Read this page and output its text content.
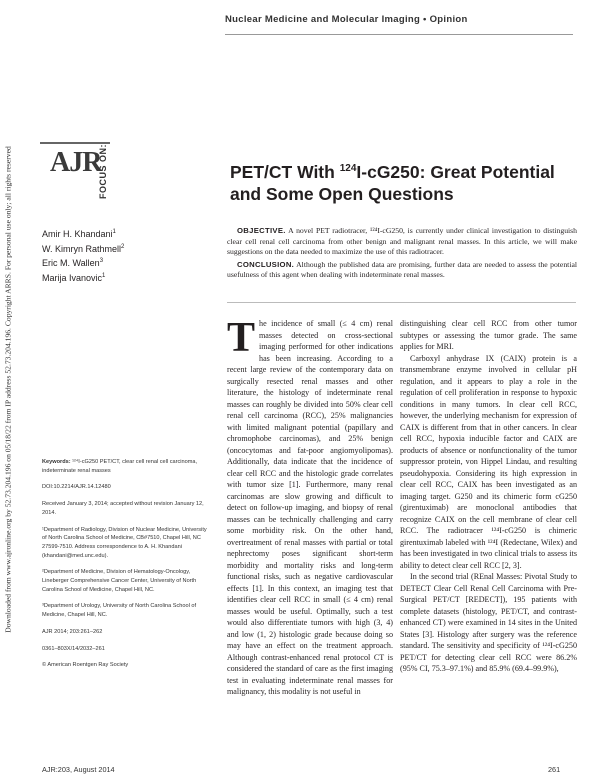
Downloaded from www.ajronline.org by 52.73.204.196 on 05/18/22 from IP address 52.73.204.196. Copyright ARRS. For personal use only; all rights reserved
Nuclear Medicine and Molecular Imaging • Opinion
AJR
FOCUS ON:	PET/CT With $^{124}$I-cG250: Great Potential and Some Open Questions
Amir H. Khandani$^1$
W. Kimryn Rathmell$^2$
Eric M. Wallen$^3$
Marija Ivanovic$^1$

OBJECTIVE. A novel PET radiotracer, ¹²⁴I-cG250, is currently under clinical investigation to distinguish clear cell renal cell carcinoma from other benign and malignant renal masses. In this article, we will make suggestions on the data needed to maximize the use of this radiotracer.

CONCLUSION. Although the published data are promising, further data are needed to assess the potential usefulness of this agent when dealing with indeterminate renal masses.

Keywords: ¹²⁴I-cG250 PET/CT, clear cell renal cell carcinoma, indeterminate renal masses

DOI:10.2214/AJR.14.12480

Received January 3, 2014; accepted without revision January 12, 2014.

¹Department of Radiology, Division of Nuclear Medicine, University of North Carolina School of Medicine, CB#7510, Chapel Hill, NC 27599-7510. Address correspondence to A. H. Khandani (khandani@med.unc.edu).

²Department of Medicine, Division of Hematology-Oncology, Lineberger Comprehensive Cancer Center, University of North Carolina School of Medicine, Chapel Hill, NC.

³Department of Urology, University of North Carolina School of Medicine, Chapel Hill, NC.

AJR 2014; 203:261–262

0361–803X/14/2032–261

© American Roentgen Ray Society

The incidence of small (≤ 4 cm) renal masses detected on cross-sectional imaging performed for other indications has been increasing. According to a recent large review of the contemporary data on surgically resected renal masses and other literature, the histology of indeterminate renal masses can roughly be divided into 50% clear cell renal cell carcinoma (RCC), 25% malignancies with limited malignant potential (papillary and chromophobe carcinomas), and 25% benign (oncocytomas and fat-poor angiomyolipomas). Additionally, data indicate that the incidence of clear cell RCC and the histologic grade correlates with tumor size [1]. Furthermore, many renal carcinomas are slow growing and difficult to detect on follow-up imaging, and biopsy of renal masses can be technically challenging and carry some morbidity risk. On the other hand, overtreatment of renal masses with partial or total nephrectomy poses significant short-term morbidity and mortality risks and long-term functional risks, such as negative cardiovascular effects [1]. In this context, an imaging test that identifies clear cell RCC in small (≤ 4 cm) renal masses would be useful. Optimally, such a test would also differentiate tumors with high (3, 4) and low (1, 2) histologic grade because doing so may have an effect on the treatment approach. Although contrast-enhanced renal protocol CT is considered the standard of care as the first imaging test in evaluating indeterminate renal masses for malignancy, this modality is not useful in

distinguishing clear cell RCC from other tumor subtypes or assessing the tumor grade. The same applies for MRI.

Carboxyl anhydrase IX (CAIX) protein is a transmembrane enzyme involved in cellular pH regulation, and it appears to play a role in the regulation of cell proliferation in response to hypoxic conditions in many tumors. In clear cell RCC, however, the underlying mechanism for expression of CAIX is different from that in other cancers. In clear cell RCC, hypoxia inducible factor and CAIX are products of absence or nonfunctionality of the tumor suppressor protein, von Hippel Lindau, and resulting pseudohypoxia. Considering its high expression in clear cell RCC, CAIX has been investigated as an imaging target. G250 and its chimeric form cG250 (girentuximab) are monoclonal antibodies that recognize CAIX on the cell membrane of clear cell RCC. The radiotracer ¹²⁴I-cG250 is chimeric girentuximab labeled with ¹²⁴I (Redectane, Wilex) and has been investigated in two clinical trials to assess its ability to detect clear cell RCC [2, 3].

In the second trial (REnal Masses: Pivotal Study to DETECT Clear Cell Renal Cell Carcinoma with Pre-Surgical PET/CT [REDECT]), 195 patients with complete datasets (histology, PET/CT, and contrast-enhanced CT) were examined in 14 sites in the United States [3]. Histology after surgery was the reference standard. The sensitivity and specificity of ¹²⁴I-cG250 PET/CT for detecting clear cell RCC were 86.2% (95% CI, 75.3–97.1%) and 85.9% (69.4–99.9%),

AJR:203, August 2014	261
